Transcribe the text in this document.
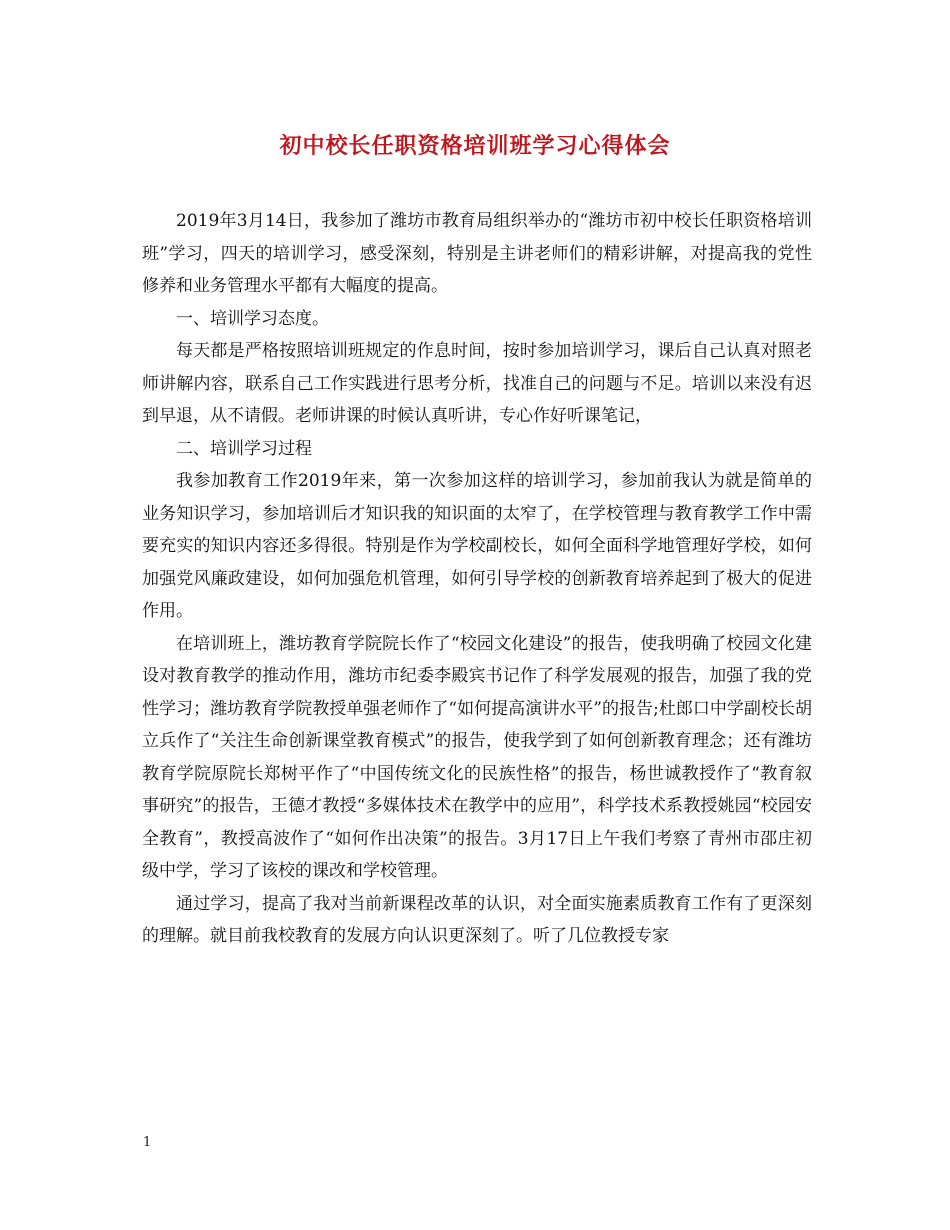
初中校长任职资格培训班学习心得体会

2019年3月14日，我参加了潍坊市教育局组织举办的“潍坊市初中校长任职资格培训班”学习，四天的培训学习，感受深刻，特别是主讲老师们的精彩讲解，对提高我的党性修养和业务管理水平都有大幅度的提高。

一、培训学习态度。

每天都是严格按照培训班规定的作息时间，按时参加培训学习，课后自己认真对照老师讲解内容，联系自己工作实践进行思考分析，找准自己的问题与不足。培训以来没有迟到早退，从不请假。老师讲课的时候认真听讲，专心作好听课笔记，

二、培训学习过程

我参加教育工作2019年来，第一次参加这样的培训学习，参加前我认为就是简单的业务知识学习，参加培训后才知识我的知识面的太窄了，在学校管理与教育教学工作中需要充实的知识内容还多得很。特别是作为学校副校长，如何全面科学地管理好学校，如何加强党风廉政建设，如何加强危机管理，如何引导学校的创新教育培养起到了极大的促进作用。

在培训班上，潍坊教育学院院长作了“校园文化建设”的报告，使我明确了校园文化建设对教育教学的推动作用，潍坊市纪委李殿宾书记作了科学发展观的报告，加强了我的党性学习；潍坊教育学院教授单强老师作了“如何提高演讲水平”的报告;杜郎口中学副校长胡立兵作了“关注生命创新课堂教育模式”的报告，使我学到了如何创新教育理念；还有潍坊教育学院原院长郑树平作了“中国传统文化的民族性格”的报告，杨世诚教授作了“教育叙事研究”的报告，王德才教授“多媒体技术在教学中的应用”，科学技术系教授姚园“校园安全教育”，教授高波作了“如何作出决策”的报告。3月17日上午我们考察了青州市邵庄初级中学，学习了该校的课改和学校管理。

通过学习，提高了我对当前新课程改革的认识，对全面实施素质教育工作有了更深刻的理解。就目前我校教育的发展方向认识更深刻了。听了几位教授专家

1
